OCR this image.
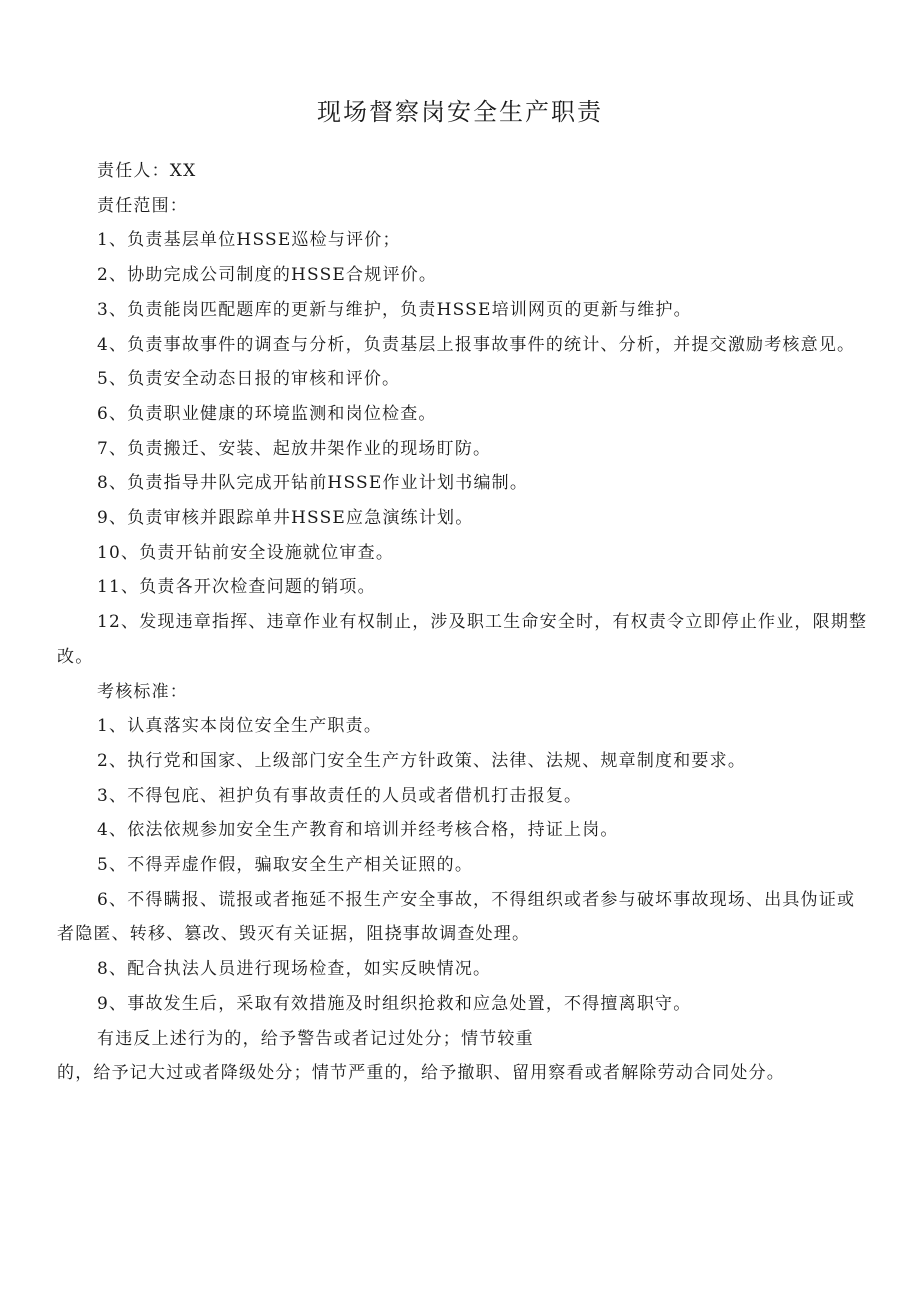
现场督察岗安全生产职责

责任人：XX

责任范围：

1、负责基层单位HSSE巡检与评价；

2、协助完成公司制度的HSSE合规评价。

3、负责能岗匹配题库的更新与维护，负责HSSE培训网页的更新与维护。

4、负责事故事件的调查与分析，负责基层上报事故事件的统计、分析，并提交激励考核意见。

5、负责安全动态日报的审核和评价。

6、负责职业健康的环境监测和岗位检查。

7、负责搬迁、安装、起放井架作业的现场盯防。

8、负责指导井队完成开钻前HSSE作业计划书编制。

9、负责审核并跟踪单井HSSE应急演练计划。

10、负责开钻前安全设施就位审查。

11、负责各开次检查问题的销项。

12、发现违章指挥、违章作业有权制止，涉及职工生命安全时，有权责令立即停止作业，限期整改。

考核标准：

1、认真落实本岗位安全生产职责。

2、执行党和国家、上级部门安全生产方针政策、法律、法规、规章制度和要求。

3、不得包庇、袒护负有事故责任的人员或者借机打击报复。

4、依法依规参加安全生产教育和培训并经考核合格，持证上岗。

5、不得弄虚作假，骗取安全生产相关证照的。

6、不得瞒报、谎报或者拖延不报生产安全事故，不得组织或者参与破坏事故现场、出具伪证或者隐匿、转移、篡改、毁灭有关证据，阻挠事故调查处理。

8、配合执法人员进行现场检查，如实反映情况。

9、事故发生后，采取有效措施及时组织抢救和应急处置，不得擅离职守。

有违反上述行为的，给予警告或者记过处分；情节较重

的，给予记大过或者降级处分；情节严重的，给予撤职、留用察看或者解除劳动合同处分。
